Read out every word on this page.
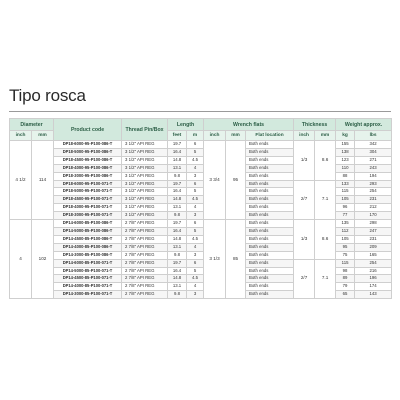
Tipo rosca
Diameter		Product code	Thread Pin/Box	Length		Wrench flats			Thickness		Weight approx.	
inch	mm			feet	m	inch	mm	Flat location	inch	mm	kg	lbs
4 1/2	114	DP18-6000-95-P100-086-T	3 1/2" API REG	19.7	6	3 3/4	95	Both ends	1/3	8.6	155	342
		DP18-5000-95-P100-086-T	3 1/2" API REG	16.4	5			Both ends			138	304
		DP18-4500-95-P100-086-T	3 1/2" API REG	14.8	4.5			Both ends			123	271
		DP18-4000-95-P100-086-T	3 1/2" API REG	13.1	4			Both ends			110	243
		DP18-3000-95-P100-086-T	3 1/2" API REG	9.8	3			Both ends			88	194
		DP18-6000-95-P100-071-T	3 1/2" API REG	19.7	6			Both ends	2/7	7.1	133	293
		DP18-5000-95-P100-071-T	3 1/2" API REG	16.4	5			Both ends			115	254
		DP18-4500-95-P100-071-T	3 1/2" API REG	14.8	4.5			Both ends			105	231
		DP18-4000-95-P100-071-T	3 1/2" API REG	13.1	4			Both ends			96	212
		DP18-3000-95-P100-071-T	3 1/2" API REG	9.8	3			Both ends			77	170
4	102	DP14-6000-85-P100-086-T	2 7/8" API REG	19.7	6	3 1/3	85	Both ends	1/3	8.6	135	298
		DP14-5000-85-P100-086-T	2 7/8" API REG	16.4	5			Both ends			112	247
		DP14-4500-85-P100-086-T	2 7/8" API REG	14.8	4.5			Both ends			105	231
		DP14-4000-85-P100-086-T	2 7/8" API REG	13.1	4			Both ends			95	209
		DP14-3000-85-P100-086-T	2 7/8" API REG	9.8	3			Both ends			75	165
		DP14-6000-85-P100-071-T	2 7/8" API REG	19.7	6			Both ends	2/7	7.1	115	254
		DP14-5000-85-P100-071-T	2 7/8" API REG	16.4	5			Both ends			98	216
		DP14-4500-85-P100-071-T	2 7/8" API REG	14.8	4.5			Both ends			89	196
		DP14-4000-85-P100-071-T	2 7/8" API REG	13.1	4			Both ends			79	174
		DP14-3000-85-P100-071-T	2 7/8" API REG	9.8	3			Both ends			65	143
